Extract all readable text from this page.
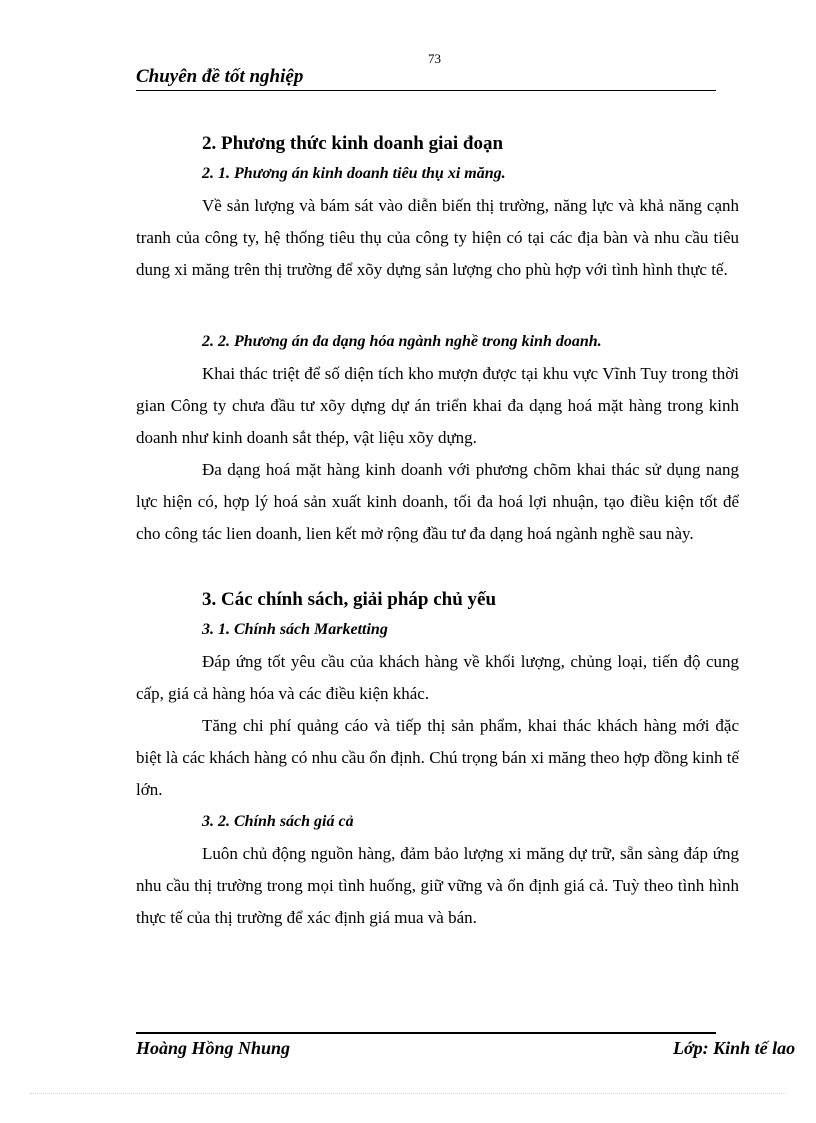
73
Chuyên đề tốt nghiệp
2. Phương thức kinh doanh giai đoạn
2. 1. Phương án kinh doanh tiêu thụ xi măng.

Về sản lượng và bám sát vào diễn biến thị trường, năng lực và khả năng cạnh tranh của công ty, hệ thống tiêu thụ của công ty hiện có tại các địa bàn và nhu cầu tiêu dung xi măng trên thị trường để xõy dựng sản lượng cho phù hợp với tình hình thực tế.

2. 2. Phương án đa dạng hóa ngành nghề trong kinh doanh.

Khai thác triệt để số diện tích kho mượn được tại khu vực Vĩnh Tuy trong thời gian Công ty chưa đầu tư xõy dựng dự án triển khai đa dạng hoá mặt hàng trong kinh doanh như kinh doanh sắt thép, vật liệu xõy dựng.

Đa dạng hoá mặt hàng kinh doanh với phương chõm khai thác sử dụng nang lực hiện có, hợp lý hoá sản xuất kinh doanh, tối đa hoá lợi nhuận, tạo điều kiện tốt để cho công tác lien doanh, lien kết mở rộng đầu tư đa dạng hoá ngành nghề sau này.

3. Các chính sách, giải pháp chủ yếu
3. 1. Chính sách Marketting

Đáp ứng tốt yêu cầu của khách hàng về khối lượng, chủng loại, tiến độ cung cấp, giá cả hàng hóa và các điều kiện khác.

Tăng chi phí quảng cáo và tiếp thị sản phẩm, khai thác khách hàng mới đặc biệt là các khách hàng có nhu cầu ổn định. Chú trọng bán xi măng theo hợp đồng kinh tế lớn.

3. 2. Chính sách giá cả

Luôn chủ động nguồn hàng, đảm bảo lượng xi măng dự trữ, sẵn sàng đáp ứng nhu cầu thị trường trong mọi tình huống, giữ vững và ổn định giá cả. Tuỳ theo tình hình thực tế của thị trường để xác định giá mua và bán.

Hoàng Hồng Nhung	Lớp: Kinh tế lao
